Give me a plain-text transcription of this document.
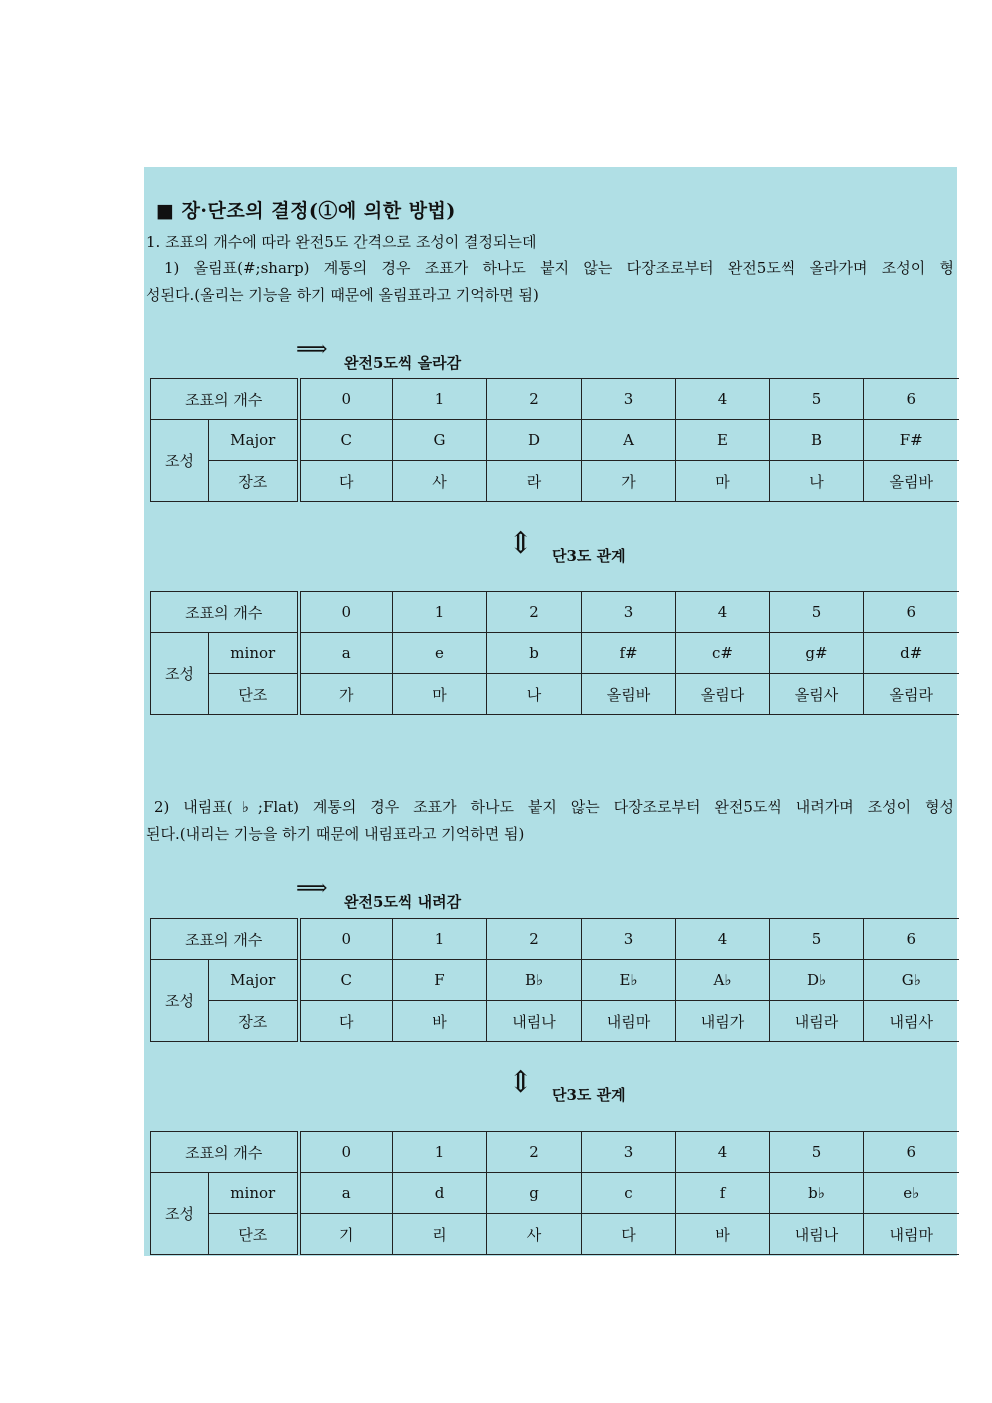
■ 장·단조의 결정(①에 의한 방법)
1. 조표의 개수에 따라 완전5도 간격으로 조성이 결정되는데
1) 올림표(#;sharp) 계통의 경우 조표가 하나도 붙지 않는 다장조로부터 완전5도씩 올라가며 조성이 형
성된다.(올리는 기능을 하기 때문에 올림표라고 기억하면 됨)
⟹
완전5도씩 올라감
조표의 개수		0	1	2	3	4	5	6
조성	Major	C	G	D	A	E	B	F#
	장조	다	사	라	가	마	나	올림바
⇕ 단3도 관계
조표의 개수		0	1	2	3	4	5	6
조성	minor	a	e	b	f#	c#	g#	d#
	단조	가	마	나	올림바	올림다	올림사	올림라
2) 내림표(♭;Flat) 계통의 경우 조표가 하나도 붙지 않는 다장조로부터 완전5도씩 내려가며 조성이 형성
된다.(내리는 기능을 하기 때문에 내림표라고 기억하면 됨)
⟹
완전5도씩 내려감
조표의 개수		0	1	2	3	4	5	6
조성	Major	C	F	B♭	E♭	A♭	D♭	G♭
	장조	다	바	내림나	내림마	내림가	내림라	내림사
⇕ 단3도 관계
조표의 개수		0	1	2	3	4	5	6
조성	minor	a	d	g	c	f	b♭	e♭
	단조	기	리	사	다	바	내림나	내림마
